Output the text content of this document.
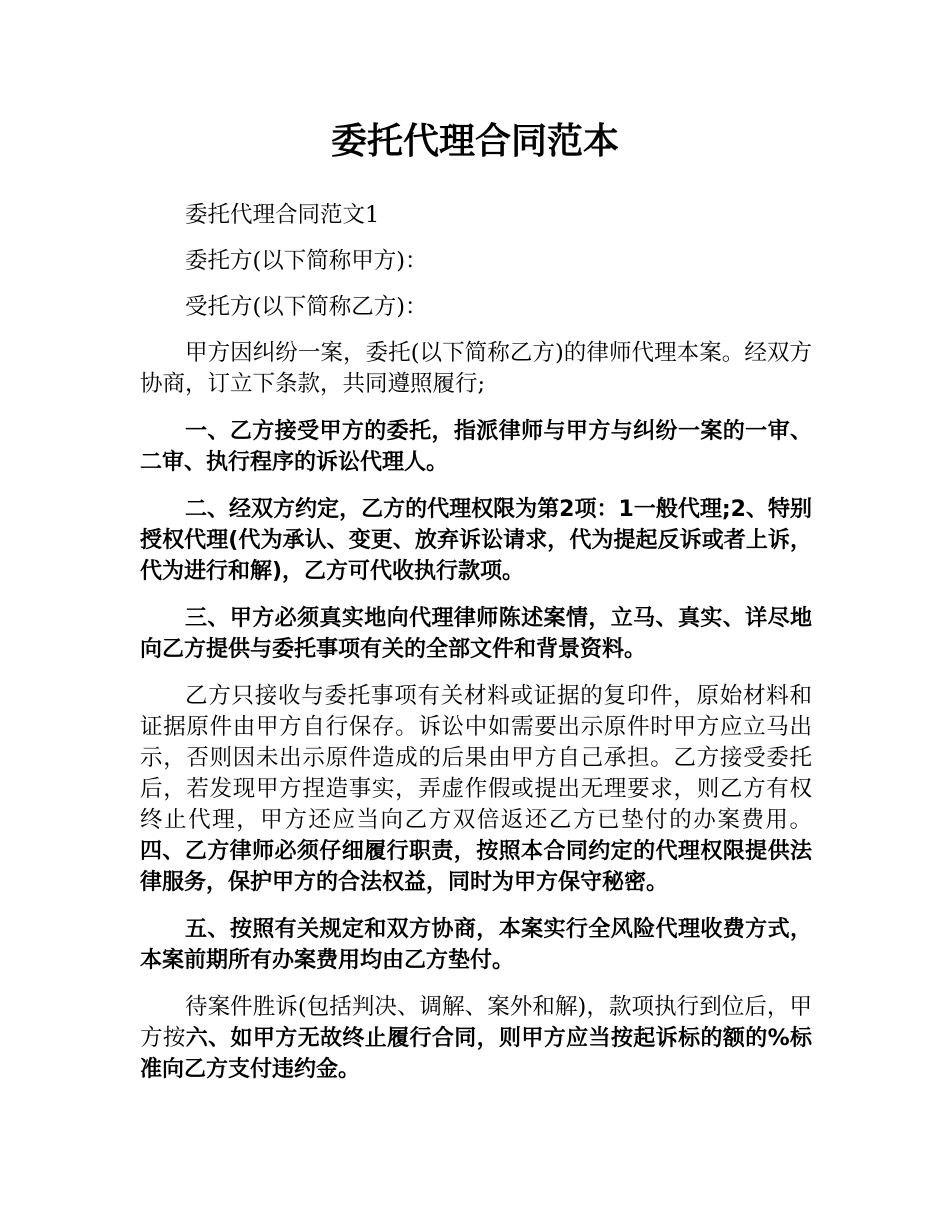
委托代理合同范本

委托代理合同范文1

委托方(以下简称甲方)：

受托方(以下简称乙方)：

甲方因纠纷一案，委托(以下简称乙方)的律师代理本案。经双方协商，订立下条款，共同遵照履行;

一、乙方接受甲方的委托，指派律师与甲方与纠纷一案的一审、二审、执行程序的诉讼代理人。

二、经双方约定，乙方的代理权限为第2项：1一般代理;2、特别授权代理(代为承认、变更、放弃诉讼请求，代为提起反诉或者上诉，代为进行和解)，乙方可代收执行款项。

三、甲方必须真实地向代理律师陈述案情，立马、真实、详尽地向乙方提供与委托事项有关的全部文件和背景资料。

乙方只接收与委托事项有关材料或证据的复印件，原始材料和证据原件由甲方自行保存。诉讼中如需要出示原件时甲方应立马出示，否则因未出示原件造成的后果由甲方自己承担。乙方接受委托后，若发现甲方捏造事实，弄虚作假或提出无理要求，则乙方有权终止代理，甲方还应当向乙方双倍返还乙方已垫付的办案费用。四、乙方律师必须仔细履行职责，按照本合同约定的代理权限提供法律服务，保护甲方的合法权益，同时为甲方保守秘密。

五、按照有关规定和双方协商，本案实行全风险代理收费方式，本案前期所有办案费用均由乙方垫付。

待案件胜诉(包括判决、调解、案外和解)，款项执行到位后，甲方按六、如甲方无故终止履行合同，则甲方应当按起诉标的额的%标准向乙方支付违约金。
